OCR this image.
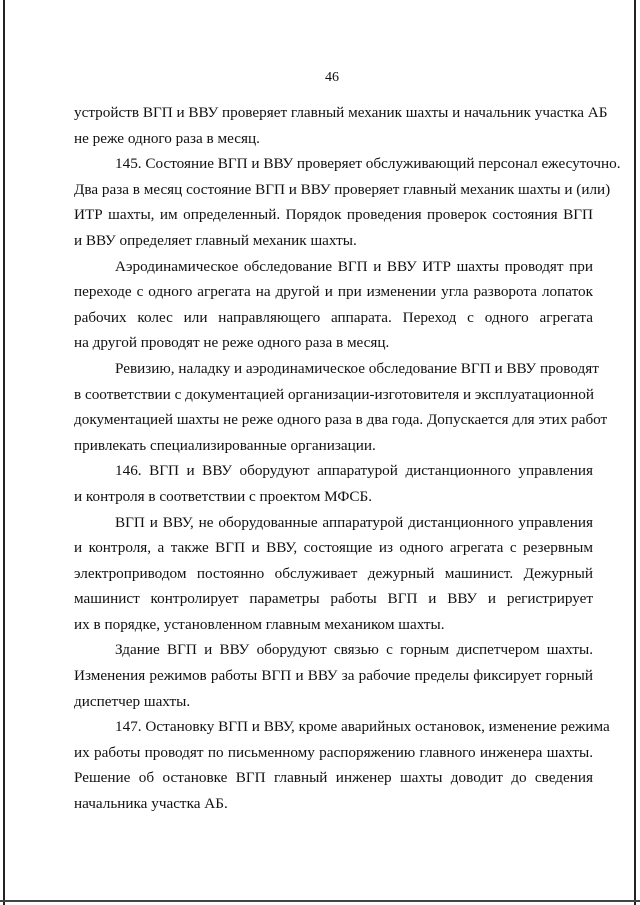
46
устройств ВГП и ВВУ проверяет главный механик шахты и начальник участка АБ
не реже одного раза в месяц.
145. Состояние ВГП и ВВУ проверяет обслуживающий персонал ежесуточно.
Два раза в месяц состояние ВГП и ВВУ проверяет главный механик шахты и (или)
ИТР шахты, им определенный. Порядок проведения проверок состояния ВГП
и ВВУ определяет главный механик шахты.
Аэродинамическое обследование ВГП и ВВУ ИТР шахты проводят при
переходе с одного агрегата на другой и при изменении угла разворота лопаток
рабочих колес или направляющего аппарата. Переход с одного агрегата
на другой проводят не реже одного раза в месяц.
Ревизию, наладку и аэродинамическое обследование ВГП и ВВУ проводят
в соответствии с документацией организации-изготовителя и эксплуатационной
документацией шахты не реже одного раза в два года. Допускается для этих работ
привлекать специализированные организации.
146. ВГП и ВВУ оборудуют аппаратурой дистанционного управления
и контроля в соответствии с проектом МФСБ.
ВГП и ВВУ, не оборудованные аппаратурой дистанционного управления
и контроля, а также ВГП и ВВУ, состоящие из одного агрегата с резервным
электроприводом постоянно обслуживает дежурный машинист. Дежурный
машинист контролирует параметры работы ВГП и ВВУ и регистрирует
их в порядке, установленном главным механиком шахты.
Здание ВГП и ВВУ оборудуют связью с горным диспетчером шахты.
Изменения режимов работы ВГП и ВВУ за рабочие пределы фиксирует горный
диспетчер шахты.
147. Остановку ВГП и ВВУ, кроме аварийных остановок, изменение режима
их работы проводят по письменному распоряжению главного инженера шахты.
Решение об остановке ВГП главный инженер шахты доводит до сведения
начальника участка АБ.
